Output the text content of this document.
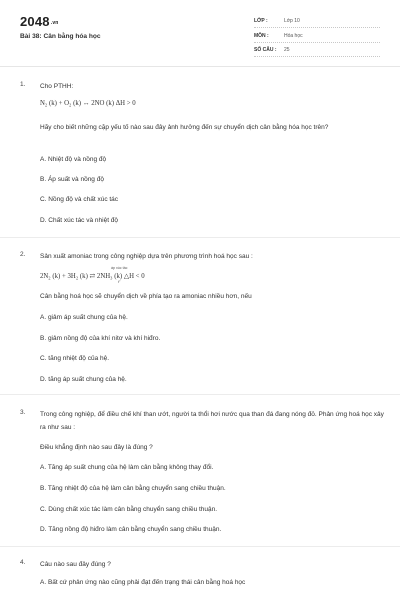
2048.vn
Bài 38: Cân bằng hóa học
LỚP :	Lớp 10
MÔN :	Hóa học
SỐ CÂU : 25
1. Cho PTHH:
N₂ (k) + O₂ (k) ↔ 2NO (k) ΔH > 0
Hãy cho biết những cặp yếu tố nào sau đây ảnh hưởng đến sự chuyển dịch cân bằng hóa học trên?
A. Nhiệt độ và nồng độ
B. Áp suất và nồng độ
C. Nồng độ và chất xúc tác
D. Chất xúc tác và nhiệt độ
2. Sản xuất amoniac trong công nghiệp dựa trên phương trình hoá học sau :
2N₂ (k) + 3H₂ (k) ⇄ 2NH₃ (k) △H < 0
áp xúc tác
t°
Cân bằng hoá học sẽ chuyển dịch về phía tạo ra amoniac nhiều hơn, nếu
A. giảm áp suất chung của hệ.
B. giảm nồng độ của khí nitơ và khí hiđro.
C. tăng nhiệt độ của hệ.
D. tăng áp suất chung của hệ.
3. Trong công nghiệp, để điều chế khí than ướt, người ta thổi hơi nước qua than đá đang nóng đỏ. Phản ứng hoá học xảy ra như sau :
Điều khẳng định nào sau đây là đúng ?
A. Tăng áp suất chung của hệ làm cân bằng không thay đổi.
B. Tăng nhiệt độ của hệ làm cân bằng chuyển sang chiều thuận.
C. Dùng chất xúc tác làm cân bằng chuyển sang chiều thuận.
D. Tăng nồng độ hiđro làm cân bằng chuyển sang chiều thuận.
4. Câu nào sau đây đúng ?
A. Bất cứ phản ứng nào cũng phải đạt đến trạng thái cân bằng hoá học
